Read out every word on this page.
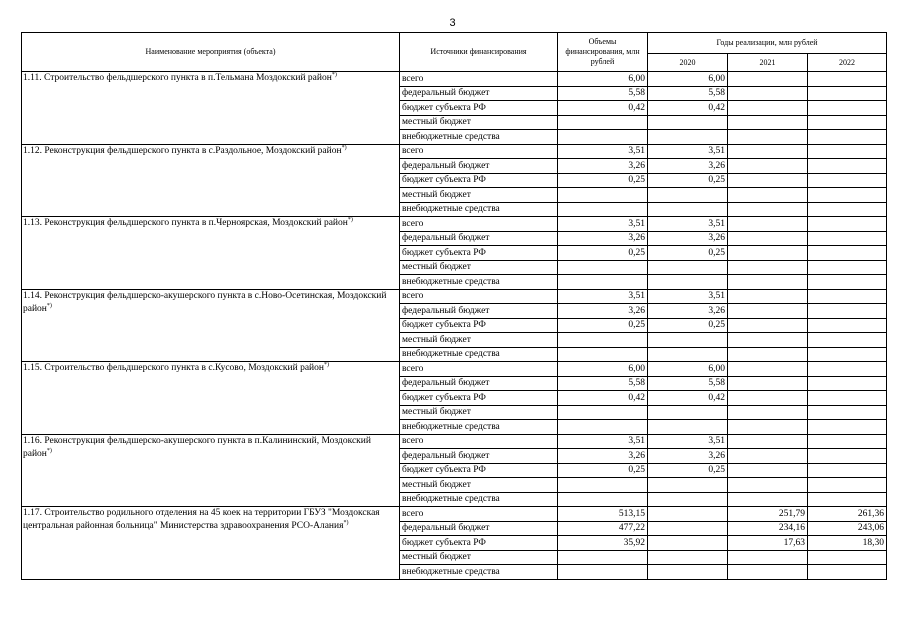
3
Наименование мероприятия (объекта)	Источники финансирования	Объемы финансирования, млн рублей	Годы реализации, млн рублей		
			2020	2021	2022
1.11. Строительство фельдшерского пункта в п.Тельмана Моздокский район*)	всего	6,00	6,00		
	федеральный бюджет	5,58	5,58		
	бюджет субъекта РФ	0,42	0,42		
	местный бюджет				
	внебюджетные средства				
1.12. Реконструкция фельдшерского пункта в с.Раздольное, Моздокский район*)	всего	3,51	3,51		
	федеральный бюджет	3,26	3,26		
	бюджет субъекта РФ	0,25	0,25		
	местный бюджет				
	внебюджетные средства				
1.13. Реконструкция фельдшерского пункта в п.Черноярская, Моздокский район*)	всего	3,51	3,51		
	федеральный бюджет	3,26	3,26		
	бюджет субъекта РФ	0,25	0,25		
	местный бюджет				
	внебюджетные средства				
1.14. Реконструкция фельдшерско-акушерского пункта в с.Ново-Осетинская, Моздокский район*)	всего	3,51	3,51		
	федеральный бюджет	3,26	3,26		
	бюджет субъекта РФ	0,25	0,25		
	местный бюджет				
	внебюджетные средства				
1.15. Строительство фельдшерского пункта в с.Кусово, Моздокский район*)	всего	6,00	6,00		
	федеральный бюджет	5,58	5,58		
	бюджет субъекта РФ	0,42	0,42		
	местный бюджет				
	внебюджетные средства				
1.16. Реконструкция фельдшерско-акушерского пункта в п.Калининский, Моздокский район*)	всего	3,51	3,51		
	федеральный бюджет	3,26	3,26		
	бюджет субъекта РФ	0,25	0,25		
	местный бюджет				
	внебюджетные средства				
1.17. Строительство родильного отделения на 45 коек на территории ГБУЗ "Моздокская центральная районная больница" Министерства здравоохранения РСО-Алания*)	всего	513,15		251,79	261,36
	федеральный бюджет	477,22		234,16	243,06
	бюджет субъекта РФ	35,92		17,63	18,30
	местный бюджет				
	внебюджетные средства				
